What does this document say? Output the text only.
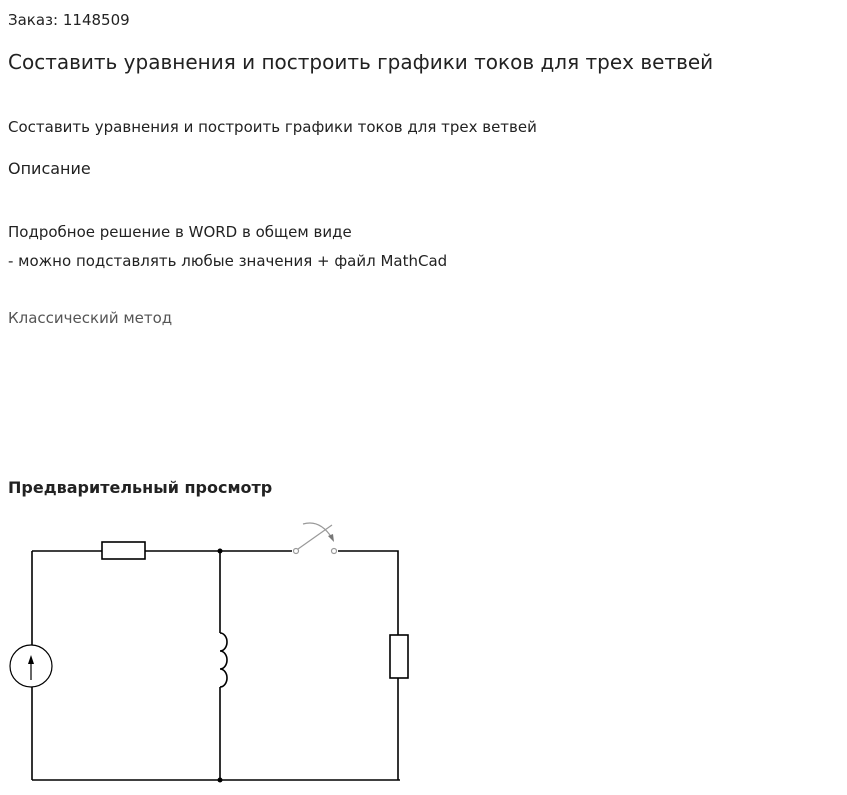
Заказ: 1148509
Составить уравнения и построить графики токов для трех ветвей
Составить уравнения и построить графики токов для трех ветвей
Описание
Подробное решение в WORD в общем виде
- можно подставлять любые значения + файл MathCad
Классический метод
Предварительный просмотр
